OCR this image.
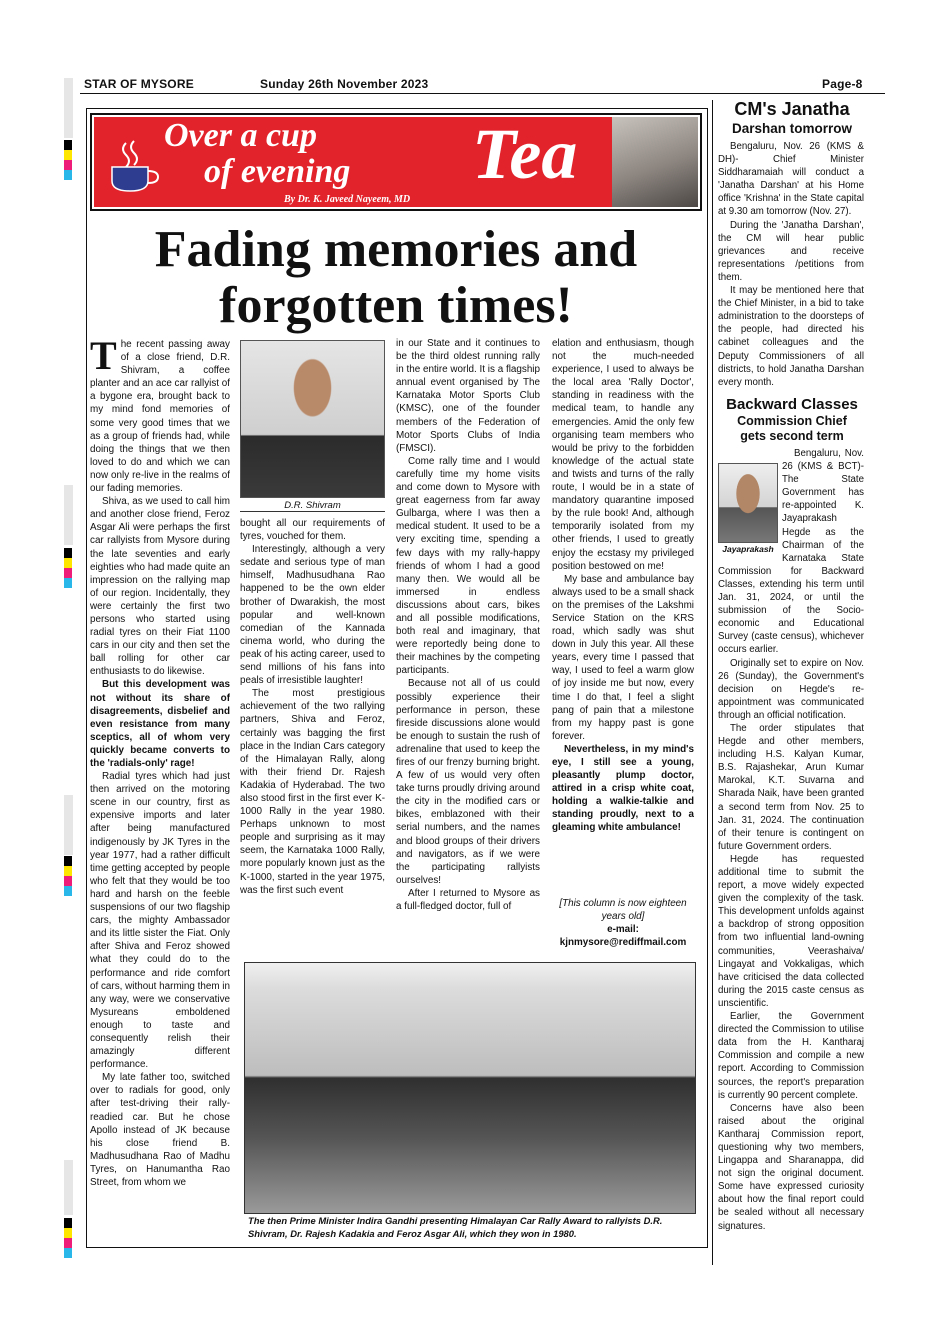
STAR OF MYSORE	Sunday 26th November 2023	Page-8
Over a cup
of evening Tea
By Dr. K. Javeed Nayeem, MD
Fading memories and
forgotten times!

The recent passing away of a close friend, D.R. Shivram, a coffee planter and an ace car rallyist of a bygone era, brought back to my mind fond memories of some very good times that we as a group of friends had, while doing the things that we then loved to do and which we can now only re-live in the realms of our fading memories.

Shiva, as we used to call him and another close friend, Feroz Asgar Ali were perhaps the first car rallyists from Mysore during the late seventies and early eighties who had made quite an impression on the rallying map of our region. Incidentally, they were certainly the first two persons who started using radial tyres on their Fiat 1100 cars in our city and then set the ball rolling for other car enthusiasts to do likewise.

But this development was not without its share of disagreements, disbelief and even resistance from many sceptics, all of whom very quickly became converts to the 'radials-only' rage!

Radial tyres which had just then arrived on the motoring scene in our country, first as expensive imports and later after being manufactured indigenously by JK Tyres in the year 1977, had a rather difficult time getting accepted by people who felt that they would be too hard and harsh on the feeble suspensions of our two flagship cars, the mighty Ambassador and its little sister the Fiat. Only after Shiva and Feroz showed what they could do to the performance and ride comfort of cars, without harming them in any way, were we conservative Mysureans emboldened enough to taste and consequently relish their amazingly different performance.

My late father too, switched over to radials for good, only after test-driving their rally-readied car. But he chose Apollo instead of JK because his close friend B. Madhusudhana Rao of Madhu Tyres, on Hanumantha Rao Street, from whom we

D.R. Shivram

bought all our requirements of tyres, vouched for them.

Interestingly, although a very sedate and serious type of man himself, Madhusudhana Rao happened to be the own elder brother of Dwarakish, the most popular and well-known comedian of the Kannada cinema world, who during the peak of his acting career, used to send millions of his fans into peals of irresistible laughter!

The most prestigious achievement of the two rallying partners, Shiva and Feroz, certainly was bagging the first place in the Indian Cars category of the Himalayan Rally, along with their friend Dr. Rajesh Kadakia of Hyderabad. The two also stood first in the first ever K-1000 Rally in the year 1980. Perhaps unknown to most people and surprising as it may seem, the Karnataka 1000 Rally, more popularly known just as the K-1000, started in the year 1975, was the first such event

in our State and it continues to be the third oldest running rally in the entire world. It is a flagship annual event organised by The Karnataka Motor Sports Club (KMSC), one of the founder members of the Federation of Motor Sports Clubs of India (FMSCI).

Come rally time and I would carefully time my home visits and come down to Mysore with great eagerness from far away Gulbarga, where I was then a medical student. It used to be a very exciting time, spending a few days with my rally-happy friends of whom I had a good many then. We would all be immersed in endless discussions about cars, bikes and all possible modifications, both real and imaginary, that were reportedly being done to their machines by the competing participants.

Because not all of us could possibly experience their performance in person, these fireside discussions alone would be enough to sustain the rush of adrenaline that used to keep the fires of our frenzy burning bright. A few of us would very often take turns proudly driving around the city in the modified cars or bikes, emblazoned with their serial numbers, and the names and blood groups of their drivers and navigators, as if we were the participating rallyists ourselves!

After I returned to Mysore as a full-fledged doctor, full of

elation and enthusiasm, though not the much-needed experience, I used to always be the local area 'Rally Doctor', standing in readiness with the medical team, to handle any emergencies. Amid the only few organising team members who would be privy to the forbidden knowledge of the actual state and twists and turns of the rally route, I would be in a state of mandatory quarantine imposed by the rule book! And, although temporarily isolated from my other friends, I used to greatly enjoy the ecstasy my privileged position bestowed on me!

My base and ambulance bay always used to be a small shack on the premises of the Lakshmi Service Station on the KRS road, which sadly was shut down in July this year. All these years, every time I passed that way, I used to feel a warm glow of joy inside me but now, every time I do that, I feel a slight pang of pain that a milestone from my happy past is gone forever.

Nevertheless, in my mind's eye, I still see a young, pleasantly plump doctor, attired in a crisp white coat, holding a walkie-talkie and standing proudly, next to a gleaming white ambulance!

[This column is now eighteen years old]
e-mail:
kjnmysore@rediffmail.com
The then Prime Minister Indira Gandhi presenting Himalayan Car Rally Award to rallyists D.R. Shivram, Dr. Rajesh Kadakia and Feroz Asgar Ali, which they won in 1980.
CM's Janatha
Darshan tomorrow

Bengaluru, Nov. 26 (KMS & DH)- Chief Minister Siddharamaiah will conduct a 'Janatha Darshan' at his Home office 'Krishna' in the State capital at 9.30 am tomorrow (Nov. 27).

During the 'Janatha Darshan', the CM will hear public grievances and receive representations /petitions from them.

It may be mentioned here that the Chief Minister, in a bid to take administration to the doorsteps of the people, had directed his cabinet colleagues and the Deputy Commissioners of all districts, to hold Janatha Darshan every month.

Backward Classes
Commission Chief gets second term
Jayaprakash

Bengaluru, Nov. 26 (KMS & BCT)- The State Government has re-appointed K. Jayaprakash Hegde as the Chairman of the Karnataka State Commission for Backward Classes, extending his term until Jan. 31, 2024, or until the submission of the Socio-economic and Educational Survey (caste census), whichever occurs earlier.

Originally set to expire on Nov. 26 (Sunday), the Government's decision on Hegde's re-appointment was communicated through an official notification.

The order stipulates that Hegde and other members, including H.S. Kalyan Kumar, B.S. Rajashekar, Arun Kumar Marokal, K.T. Suvarna and Sharada Naik, have been granted a second term from Nov. 25 to Jan. 31, 2024. The continuation of their tenure is contingent on future Government orders.

Hegde has requested additional time to submit the report, a move widely expected given the complexity of the task. This development unfolds against a backdrop of strong opposition from two influential land-owning communities, Veerashaiva/ Lingayat and Vokkaligas, which have criticised the data collected during the 2015 caste census as unscientific.

Earlier, the Government directed the Commission to utilise data from the H. Kantharaj Commission and compile a new report. According to Commission sources, the report's preparation is currently 90 percent complete.

Concerns have also been raised about the original Kantharaj Commission report, questioning why two members, Lingappa and Sharanappa, did not sign the original document. Some have expressed curiosity about how the final report could be sealed without all necessary signatures.
